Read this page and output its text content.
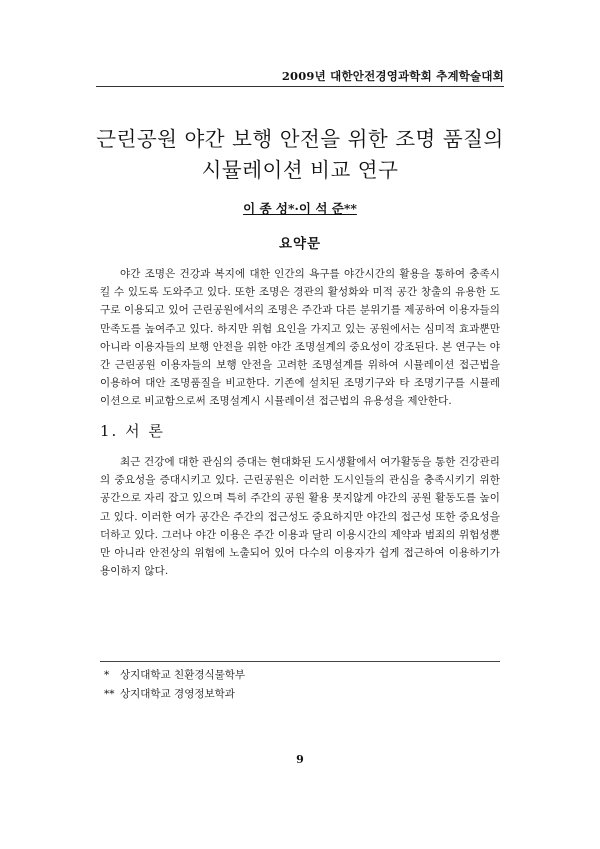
2009년 대한안전경영과학회 추계학술대회
근린공원 야간 보행 안전을 위한 조명 품질의
시뮬레이션 비교 연구
이 종 성*·이 석 준**
요약문
야간 조명은 건강과 복지에 대한 인간의 욕구를 야간시간의 활용을 통하여 충족시킬 수 있도록 도와주고 있다. 또한 조명은 경관의 활성화와 미적 공간 창출의 유용한 도구로 이용되고 있어 근린공원에서의 조명은 주간과 다른 분위기를 제공하여 이용자들의 만족도를 높여주고 있다. 하지만 위험 요인을 가지고 있는 공원에서는 심미적 효과뿐만 아니라 이용자들의 보행 안전을 위한 야간 조명설계의 중요성이 강조된다. 본 연구는 야간 근린공원 이용자들의 보행 안전을 고려한 조명설계를 위하여 시뮬레이션 접근법을 이용하여 대안 조명품질을 비교한다. 기존에 설치된 조명기구와 타 조명기구를 시뮬레이션으로 비교함으로써 조명설계시 시뮬레이션 접근법의 유용성을 제안한다.
1. 서 론
최근 건강에 대한 관심의 증대는 현대화된 도시생활에서 여가활동을 통한 건강관리의 중요성을 증대시키고 있다. 근린공원은 이러한 도시인들의 관심을 충족시키기 위한 공간으로 자리 잡고 있으며 특히 주간의 공원 활용 못지않게 야간의 공원 활동도를 높이고 있다. 이러한 여가 공간은 주간의 접근성도 중요하지만 야간의 접근성 또한 중요성을 더하고 있다. 그러나 야간 이용은 주간 이용과 달리 이용시간의 제약과 범죄의 위험성뿐만 아니라 안전상의 위험에 노출되어 있어 다수의 이용자가 쉽게 접근하여 이용하기가 용이하지 않다.
* 상지대학교 친환경식물학부
** 상지대학교 경영정보학과
9
